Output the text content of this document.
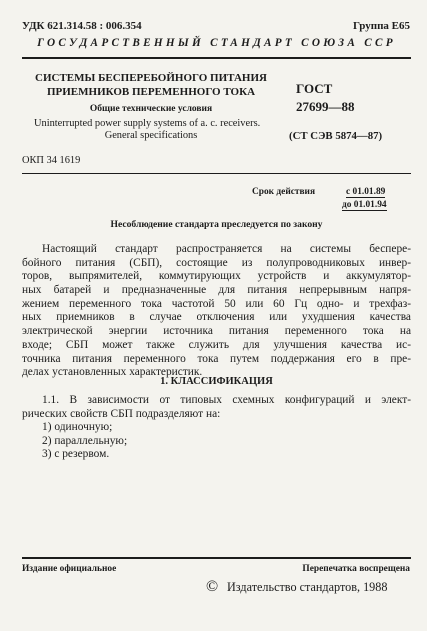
УДК 621.314.58 : 006.354	Группа Е65
ГОСУДАРСТВЕННЫЙ СТАНДАРТ СОЮЗА ССР
СИСТЕМЫ БЕСПЕРЕБОЙНОГО ПИТАНИЯ
ПРИЕМНИКОВ ПЕРЕМЕННОГО ТОКА
Общие технические условия
Uninterrupted power supply systems of a. c. receivers.
General specifications
ГОСТ
27699—88
(СТ СЭВ 5874—87)
ОКП 34 1619
Срок действия	с 01.01.89
до 01.01.94
Несоблюдение стандарта преследуется по закону
Настоящий стандарт распространяется на системы беспере-
бойного питания (СБП), состоящие из полупроводниковых инвер-
торов, выпрямителей, коммутирующих устройств и аккумулятор-
ных батарей и предназначенные для питания непрерывным напря-
жением переменного тока частотой 50 или 60 Гц одно- и трехфаз-
ных приемников в случае отключения или ухудшения качества
электрической энергии источника питания переменного тока на
входе; СБП может также служить для улучшения качества ис-
точника питания переменного тока путем поддержания его в пре-
делах установленных характеристик.
1. КЛАССИФИКАЦИЯ
1.1. В зависимости от типовых схемных конфигураций и элект-
рических свойств СБП подразделяют на:
1) одиночную;
2) параллельную;
3) с резервом.
Издание официальное	Перепечатка воспрещена
© Издательство стандартов, 1988
